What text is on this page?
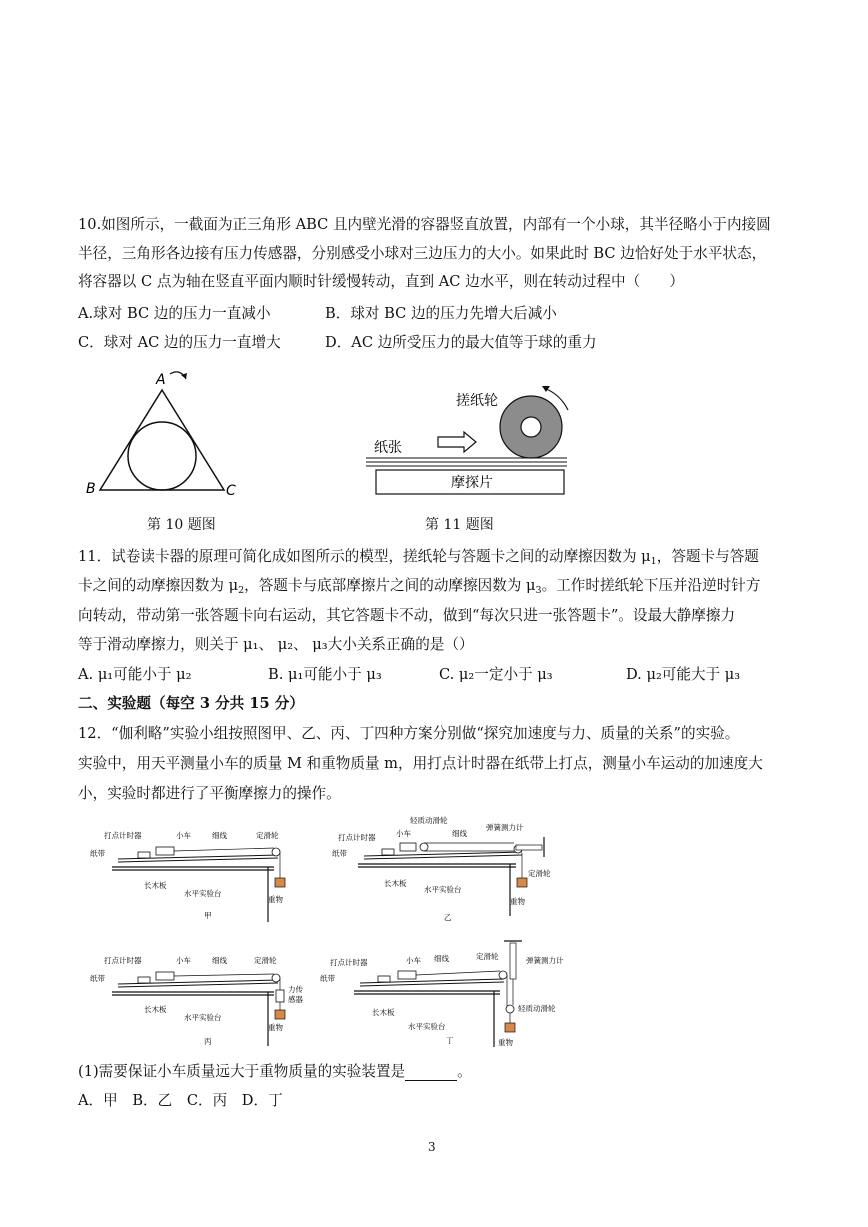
10.如图所示，一截面为正三角形 ABC 且内壁光滑的容器竖直放置，内部有一个小球，其半径略小于内接圆
半径，三角形各边接有压力传感器，分别感受小球对三边压力的大小。如果此时 BC 边恰好处于水平状态，
将容器以 C 点为轴在竖直平面内顺时针缓慢转动，直到 AC 边水平，则在转动过程中（　　）
A.球对 BC 边的压力一直减小	B．球对 BC 边的压力先增大后减小
C．球对 AC 边的压力一直增大	D．AC 边所受压力的最大值等于球的重力
A
B	C
第 10 题图
搓纸轮
纸张
摩探片
第 11 题图
11．试卷读卡器的原理可简化成如图所示的模型，搓纸轮与答题卡之间的动摩擦因数为 $\mu_1$，答题卡与答题
卡之间的动摩擦因数为 $\mu_2$，答题卡与底部摩擦片之间的动摩擦因数为 $\mu_3$。工作时搓纸轮下压并沿逆时针方
向转动，带动第一张答题卡向右运动，其它答题卡不动，做到“每次只进一张答题卡”。设最大静摩擦力
等于滑动摩擦力，则关于 μ₁、 μ₂、 μ₃大小关系正确的是（）
A. μ₁可能小于 μ₂	B. μ₁可能小于 μ₃	C. μ₂一定小于 μ₃	D. μ₂可能大于 μ₃
二、实验题（每空 3 分共 15 分）
12．“伽利略”实验小组按照图甲、乙、丙、丁四种方案分别做“探究加速度与力、质量的关系”的实验。
实验中，用天平测量小车的质量 M 和重物质量 m，用打点计时器在纸带上打点，测量小车运动的加速度大
小，实验时都进行了平衡摩擦力的操作。
打点计时器	小车	细线	定滑轮
纸带
长木板
水平实验台
重物
甲
轻质动滑轮
弹簧测力计
打点计时器	小车	细线
纸带
长木板
水平实验台
定滑轮
重物
乙
打点计时器	小车	细线	定滑轮
纸带
力传
感器
长木板
水平实验台
重物
丙
打点计时器	小车 细线	定滑轮	弹簧测力计
纸带
轻质动滑轮
长木板
水平实验台
重物
丁
(1)需要保证小车质量远大于重物质量的实验装置是	。
A．甲　B．乙　C．丙　D．丁
3
